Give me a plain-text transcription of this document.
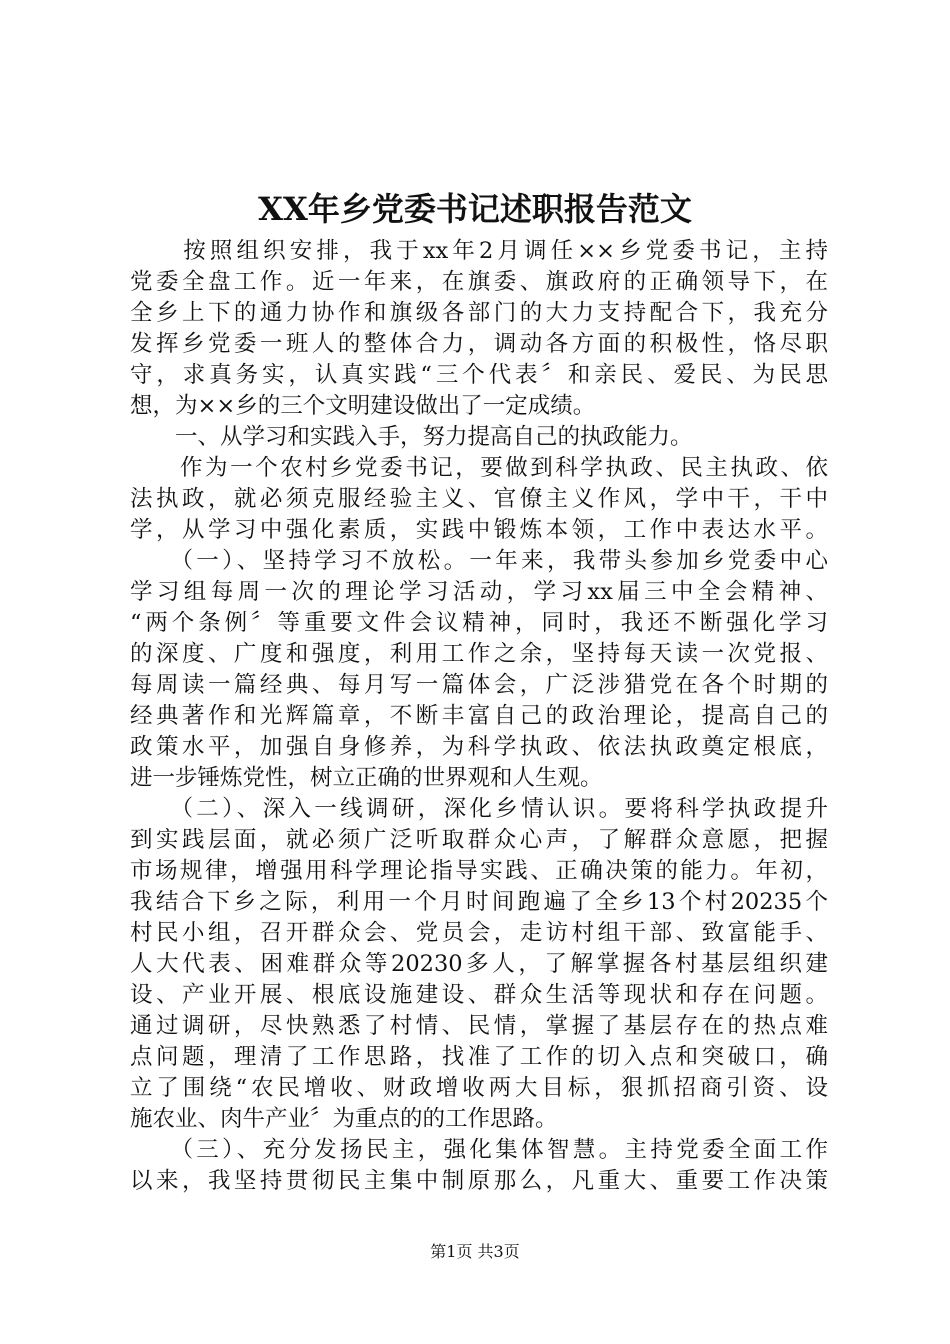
XX年乡党委书记述职报告范文
　　按照组织安排，我于xx年2月调任××乡党委书记，主持
党委全盘工作。近一年来，在旗委、旗政府的正确领导下，在
全乡上下的通力协作和旗级各部门的大力支持配合下，我充分
发挥乡党委一班人的整体合力，调动各方面的积极性，恪尽职
守，求真务实，认真实践“三个代表〞和亲民、爱民、为民思
想，为××乡的三个文明建设做出了一定成绩。
　　一、从学习和实践入手，努力提高自己的执政能力。
　　作为一个农村乡党委书记，要做到科学执政、民主执政、依
法执政，就必须克服经验主义、官僚主义作风，学中干，干中
学，从学习中强化素质，实践中锻炼本领，工作中表达水平。
　　（一）、坚持学习不放松。一年来，我带头参加乡党委中心
学习组每周一次的理论学习活动，学习xx届三中全会精神、
“两个条例〞等重要文件会议精神，同时，我还不断强化学习
的深度、广度和强度，利用工作之余，坚持每天读一次党报、
每周读一篇经典、每月写一篇体会，广泛涉猎党在各个时期的
经典著作和光辉篇章，不断丰富自己的政治理论，提高自己的
政策水平，加强自身修养，为科学执政、依法执政奠定根底，
进一步锤炼党性，树立正确的世界观和人生观。
　　（二）、深入一线调研，深化乡情认识。要将科学执政提升
到实践层面，就必须广泛听取群众心声，了解群众意愿，把握
市场规律，增强用科学理论指导实践、正确决策的能力。年初，
我结合下乡之际，利用一个月时间跑遍了全乡13个村20235个
村民小组，召开群众会、党员会，走访村组干部、致富能手、
人大代表、困难群众等20230多人，了解掌握各村基层组织建
设、产业开展、根底设施建设、群众生活等现状和存在问题。
通过调研，尽快熟悉了村情、民情，掌握了基层存在的热点难
点问题，理清了工作思路，找准了工作的切入点和突破口，确
立了围绕“农民增收、财政增收两大目标，狠抓招商引资、设
施农业、肉牛产业〞为重点的的工作思路。
　　（三）、充分发扬民主，强化集体智慧。主持党委全面工作
以来，我坚持贯彻民主集中制原那么，凡重大、重要工作决策
第1页 共3页
